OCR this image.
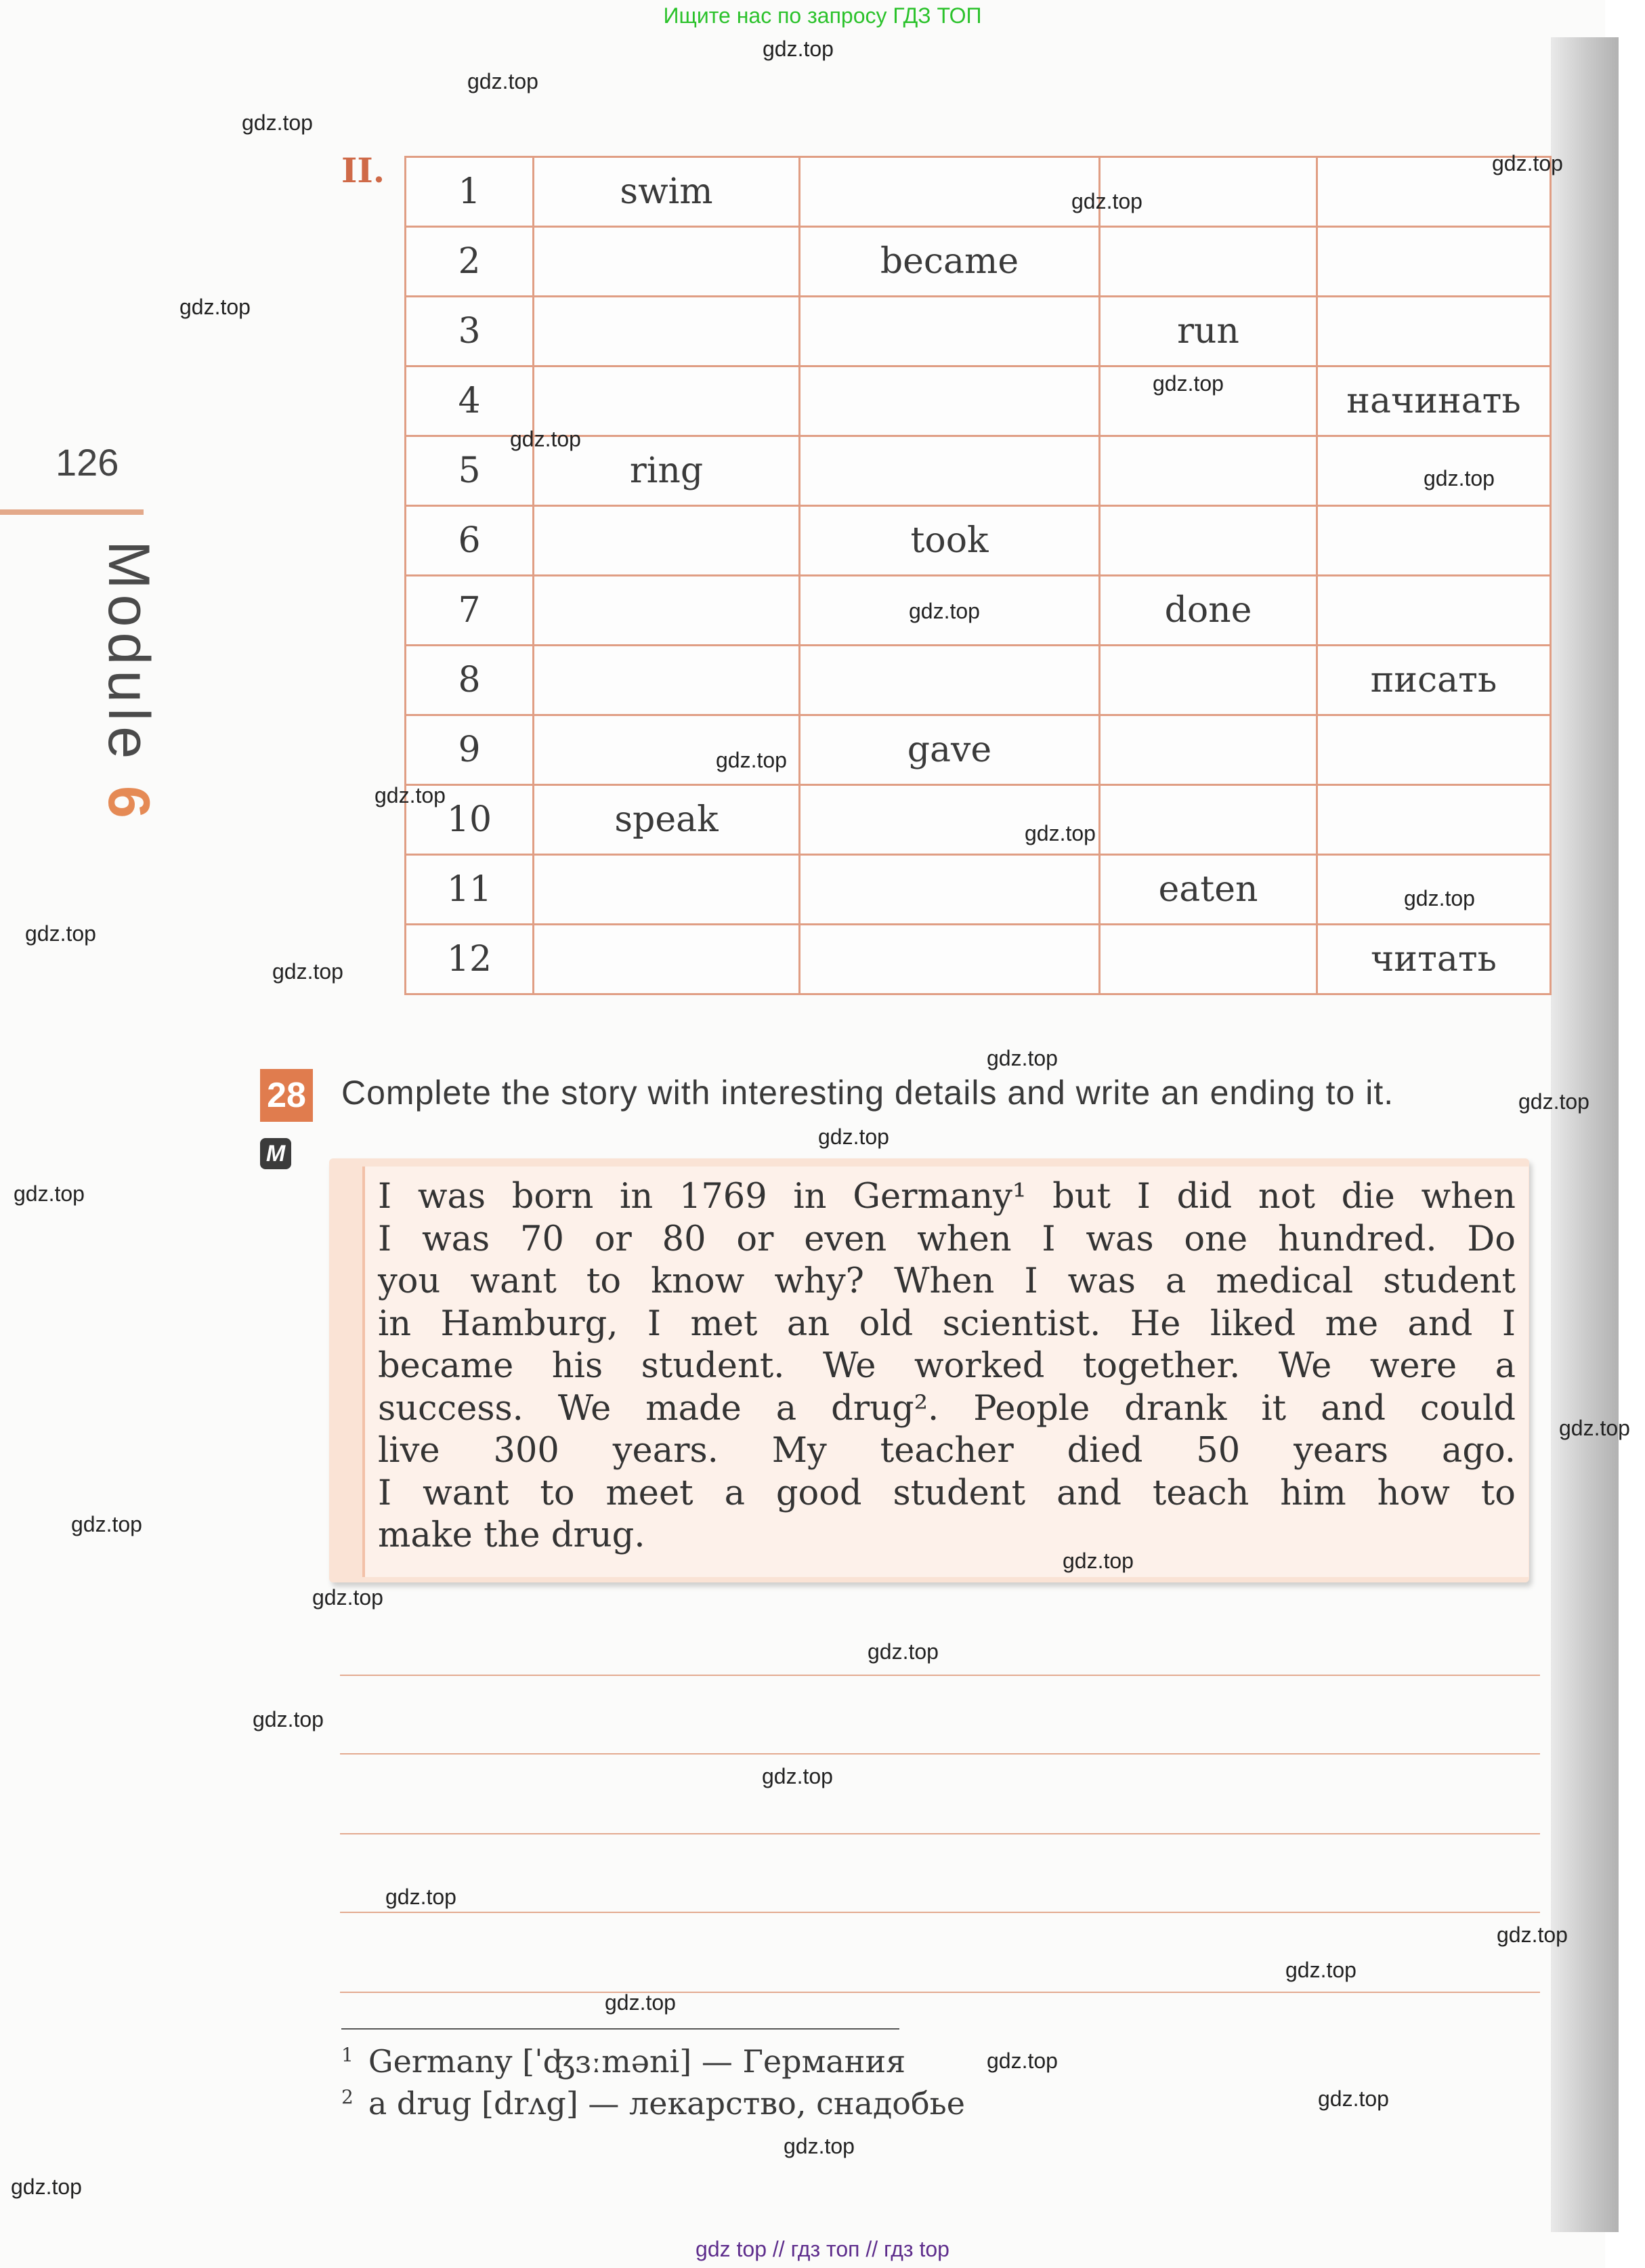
Ищите нас по запросу ГДЗ ТОП
126
Module 6
II.
1	swim			
2		became		
3			run	
4				начинать
5	ring			
6		took		
7			done	
8				писать
9		gave		
10	speak			
11			eaten	
12				читать
28
M
Complete the story with interesting details and write an ending to it.
I was born in 1769 in Germany¹ but I did not die when
I was 70 or 80 or even when I was one hundred. Do
you want to know why? When I was a medical student
in Hamburg, I met an old scientist. He liked me and I
became his student. We worked together. We were a
success. We made a drug². People drank it and could
live 300 years. My teacher died 50 years ago.
I want to meet a good student and teach him how to
make the drug.
$^1$ Germany [ˈʤɜːməni] — Германия
$^2$ a drug [drʌg] — лекарство, снадобье
gdz.top
gdz.top
gdz.top
gdz.top
gdz.top
gdz.top
gdz.top
gdz.top
gdz.top
gdz.top
gdz.top
gdz.top
gdz.top
gdz.top
gdz.top
gdz.top
gdz.top
gdz.top
gdz.top
gdz.top
gdz.top
gdz.top
gdz.top
gdz.top
gdz.top
gdz.top
gdz.top
gdz.top
gdz.top
gdz.top
gdz.top
gdz.top
gdz.top
gdz.top
gdz.top
gdz top // гдз топ // гдз top
